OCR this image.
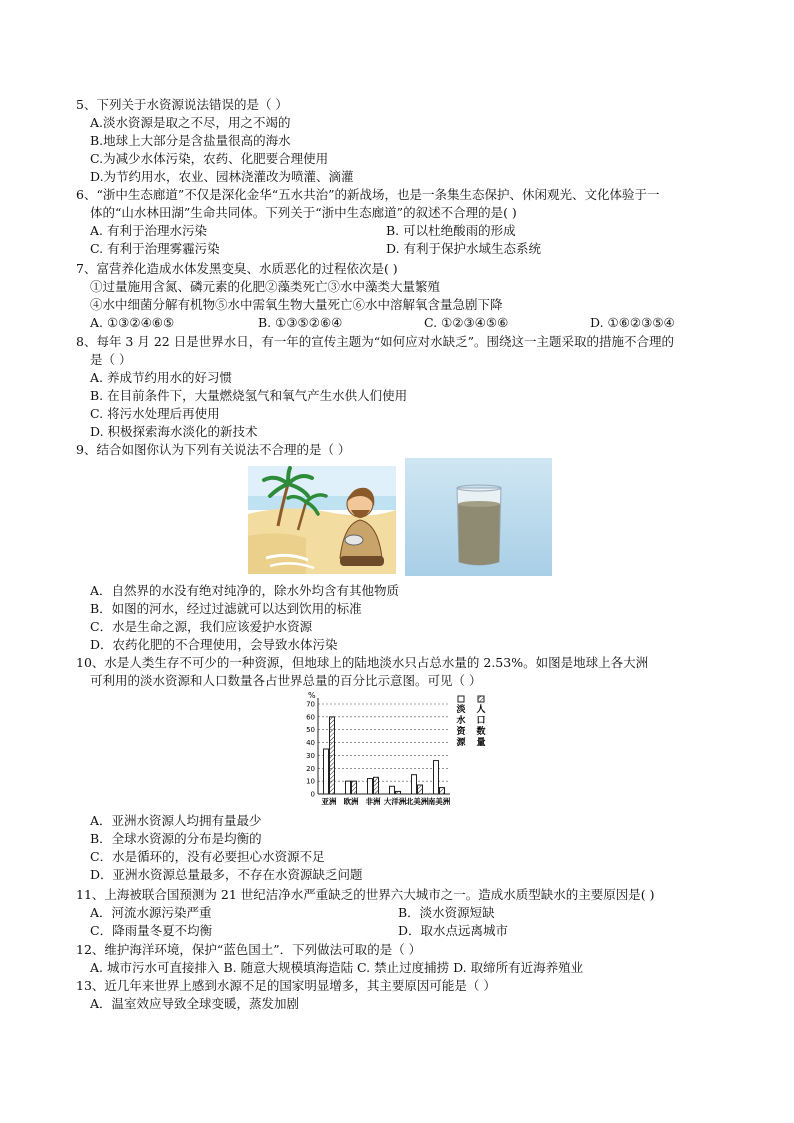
5、下列关于水资源说法错误的是（ ）
A.淡水资源是取之不尽，用之不竭的
B.地球上大部分是含盐量很高的海水
C.为减少水体污染，农药、化肥要合理使用
D.为节约用水，农业、园林浇灌改为喷灌、滴灌
6、“浙中生态廊道”不仅是深化金华“五水共治”的新战场，也是一条集生态保护、休闲观光、文化体验于一
体的“山水林田湖”生命共同体。下列关于“浙中生态廊道”的叙述不合理的是( )
A. 有利于治理水污染	B. 可以杜绝酸雨的形成
C. 有利于治理雾霾污染	D. 有利于保护水域生态系统
7、富营养化造成水体发黑变臭、水质恶化的过程依次是( )
①过量施用含氮、磷元素的化肥②藻类死亡③水中藻类大量繁殖
④水中细菌分解有机物⑤水中需氧生物大量死亡⑥水中溶解氧含量急剧下降
A. ①③②④⑥⑤	B. ①③⑤②⑥④	C. ①②③④⑤⑥	D. ①⑥②③⑤④
8、每年 3 月 22 日是世界水日，有一年的宣传主题为“如何应对水缺乏”。围绕这一主题采取的措施不合理的
是（ ）
A. 养成节约用水的好习惯
B. 在目前条件下，大量燃烧氢气和氧气产生水供人们使用
C. 将污水处理后再使用
D. 积极探索海水淡化的新技术
9、结合如图你认为下列有关说法不合理的是（ ）
A．自然界的水没有绝对纯净的，除水外均含有其他物质
B．如图的河水，经过过滤就可以达到饮用的标准
C．水是生命之源，我们应该爱护水资源
D．农药化肥的不合理使用，会导致水体污染
10、水是人类生存不可少的一种资源，但地球上的陆地淡水只占总水量的 2.53%。如图是地球上各大洲
可利用的淡水资源和人口数量各占世界总量的百分比示意图。可见（ ）
0
10
20
30
40
50
60
70
亚洲 欧洲 非洲 大洋洲 北美洲 南美洲
%
淡
水
资
源
人
口
数
量
A．亚洲水资源人均拥有量最少
B．全球水资源的分布是均衡的
C．水是循环的，没有必要担心水资源不足
D．亚洲水资源总量最多，不存在水资源缺乏问题
11、上海被联合国预测为 21 世纪洁净水严重缺乏的世界六大城市之一。造成水质型缺水的主要原因是( )
A．河流水源污染严重	B．淡水资源短缺
C．降雨量冬夏不均衡	D．取水点远离城市
12、维护海洋环境，保护“蓝色国土”．下列做法可取的是（ ）
A. 城市污水可直接排入 B. 随意大规模填海造陆 C. 禁止过度捕捞 D. 取缔所有近海养殖业
13、近几年来世界上感到水源不足的国家明显增多，其主要原因可能是（ ）
A．温室效应导致全球变暖，蒸发加剧
